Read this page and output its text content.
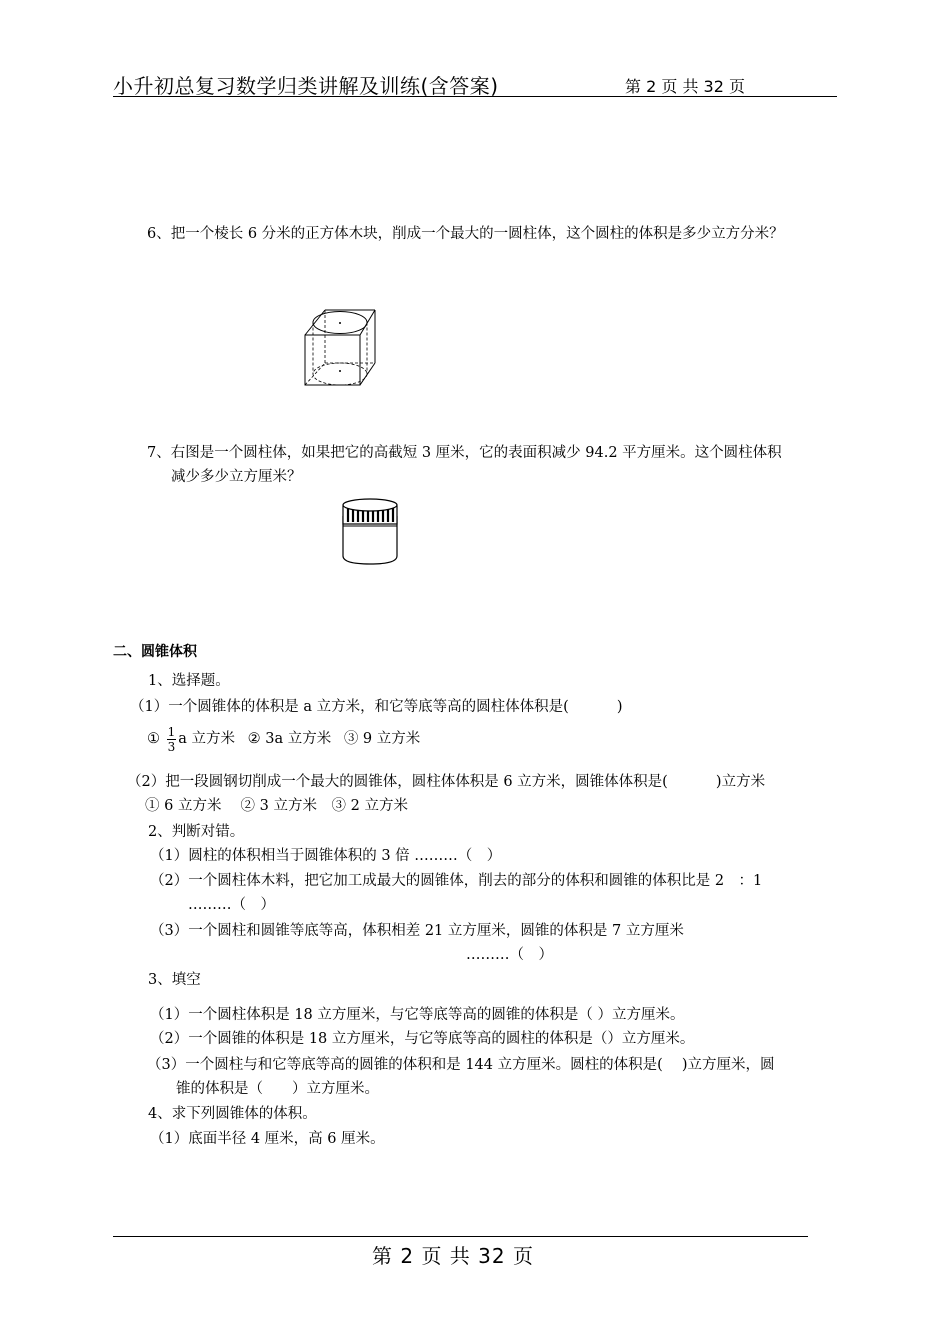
小升初总复习数学归类讲解及训练(含答案)	第 2 页 共 32 页
6、把一个棱长 6 分米的正方体木块，削成一个最大的一圆柱体，这个圆柱的体积是多少立方分米？
7、右图是一个圆柱体，如果把它的高截短 3 厘米，它的表面积减少 94.2 平方厘米。这个圆柱体积
减少多少立方厘米？
二、圆锥体积
1、选择题。
（1）一个圆锥体的体积是 a 立方米，和它等底等高的圆柱体体积是(　　　 )
① $\frac{1}{3}$ a 立方米 ② 3a 立方米 ③ 9 立方米
（2）把一段圆钢切削成一个最大的圆锥体，圆柱体体积是 6 立方米，圆锥体体积是(　　　 )立方米
① 6 立方米　 ② 3 立方米　③ 2 立方米
2、判断对错。
（1）圆柱的体积相当于圆锥体积的 3 倍 ………（　）
（2）一个圆柱体木料，把它加工成最大的圆锥体，削去的部分的体积和圆锥的体积比是 2　：1
………（　）
（3）一个圆柱和圆锥等底等高，体积相差 21 立方厘米，圆锥的体积是 7 立方厘米
………（　）
3、填空
（1）一个圆柱体积是 18 立方厘米，与它等底等高的圆锥的体积是（ ）立方厘米。
（2）一个圆锥的体积是 18 立方厘米，与它等底等高的圆柱的体积是（）立方厘米。
（3）一个圆柱与和它等底等高的圆锥的体积和是 144 立方厘米。圆柱的体积是(　 )立方厘米，圆
锥的体积是（　　）立方厘米。
4、求下列圆锥体的体积。
（1）底面半径 4 厘米，高 6 厘米。
第 2 页 共 32 页
